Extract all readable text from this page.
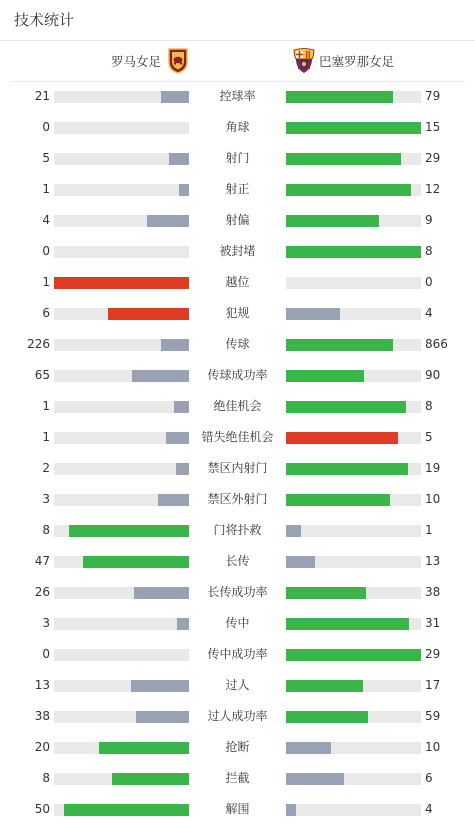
技术统计
罗马女足	巴塞罗那女足
21	控球率	79
0	角球	15
5	射门	29
1	射正	12
4	射偏	9
0	被封堵	8
1	越位	0
6	犯规	4
226	传球	866
65	传球成功率	90
1	绝佳机会	8
1	错失绝佳机会	5
2	禁区内射门	19
3	禁区外射门	10
8	门将扑救	1
47	长传	13
26	长传成功率	38
3	传中	31
0	传中成功率	29
13	过人	17
38	过人成功率	59
20	抢断	10
8	拦截	6
50	解围	4
